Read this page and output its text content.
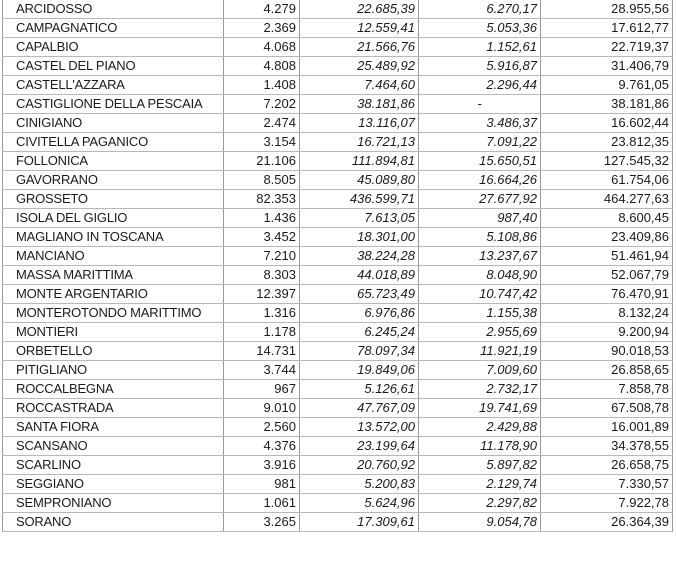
ARCIDOSSO	4.279	22.685,39	6.270,17	28.955,56
CAMPAGNATICO	2.369	12.559,41	5.053,36	17.612,77
CAPALBIO	4.068	21.566,76	1.152,61	22.719,37
CASTEL DEL PIANO	4.808	25.489,92	5.916,87	31.406,79
CASTELL'AZZARA	1.408	7.464,60	2.296,44	9.761,05
CASTIGLIONE DELLA PESCAIA	7.202	38.181,86	-	38.181,86
CINIGIANO	2.474	13.116,07	3.486,37	16.602,44
CIVITELLA PAGANICO	3.154	16.721,13	7.091,22	23.812,35
FOLLONICA	21.106	111.894,81	15.650,51	127.545,32
GAVORRANO	8.505	45.089,80	16.664,26	61.754,06
GROSSETO	82.353	436.599,71	27.677,92	464.277,63
ISOLA DEL GIGLIO	1.436	7.613,05	987,40	8.600,45
MAGLIANO IN TOSCANA	3.452	18.301,00	5.108,86	23.409,86
MANCIANO	7.210	38.224,28	13.237,67	51.461,94
MASSA MARITTIMA	8.303	44.018,89	8.048,90	52.067,79
MONTE ARGENTARIO	12.397	65.723,49	10.747,42	76.470,91
MONTEROTONDO MARITTIMO	1.316	6.976,86	1.155,38	8.132,24
MONTIERI	1.178	6.245,24	2.955,69	9.200,94
ORBETELLO	14.731	78.097,34	11.921,19	90.018,53
PITIGLIANO	3.744	19.849,06	7.009,60	26.858,65
ROCCALBEGNA	967	5.126,61	2.732,17	7.858,78
ROCCASTRADA	9.010	47.767,09	19.741,69	67.508,78
SANTA FIORA	2.560	13.572,00	2.429,88	16.001,89
SCANSANO	4.376	23.199,64	11.178,90	34.378,55
SCARLINO	3.916	20.760,92	5.897,82	26.658,75
SEGGIANO	981	5.200,83	2.129,74	7.330,57
SEMPRONIANO	1.061	5.624,96	2.297,82	7.922,78
SORANO	3.265	17.309,61	9.054,78	26.364,39
